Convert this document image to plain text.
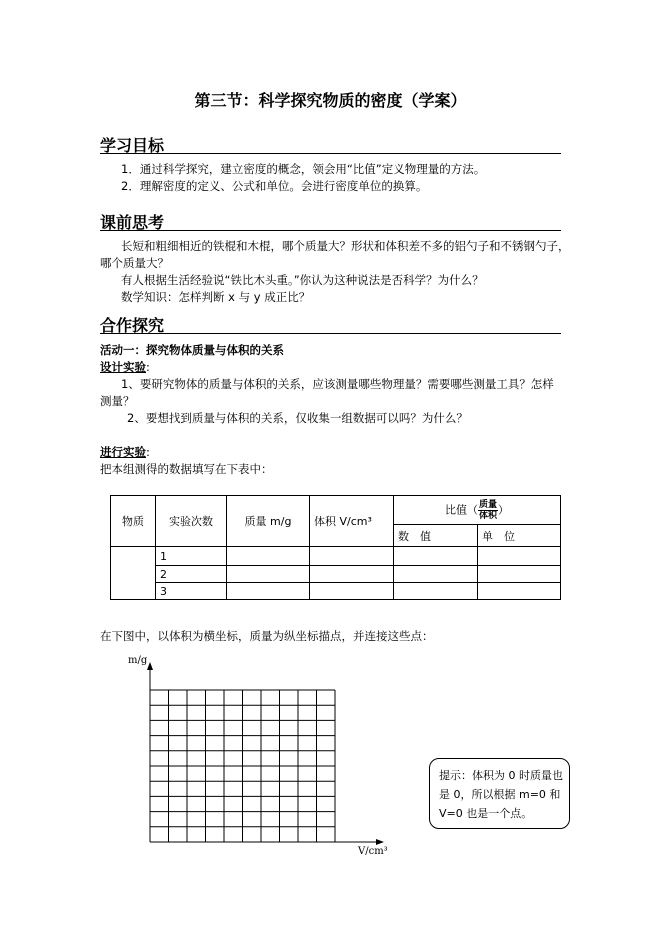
第三节：科学探究物质的密度（学案）
学习目标
1．通过科学探究，建立密度的概念，领会用“比值”定义物理量的方法。
2．理解密度的定义、公式和单位。会进行密度单位的换算。
课前思考
长短和粗细相近的铁棍和木棍，哪个质量大？形状和体积差不多的铝勺子和不锈钢勺子，
哪个质量大？
有人根据生活经验说“铁比木头重。”你认为这种说法是否科学？为什么？
数学知识：怎样判断 x 与 y 成正比？
合作探究
活动一：探究物体质量与体积的关系
设计实验:
1、要研究物体的质量与体积的关系，应该测量哪些物理量？需要哪些测量工具？怎样
测量？
2、要想找到质量与体积的关系，仅收集一组数据可以吗？为什么？
进行实验:
把本组测得的数据填写在下表中：
物质	实验次数	质量 m/g	体积 V/cm³	比值（ $\frac{\text{质量}}{\text{体积}}$ ）	
				数　值	单　位
	1				
	2				
	3				
在下图中，以体积为横坐标，质量为纵坐标描点，并连接这些点：
m/g
V/cm³
提示：体积为 0 时质量也是 0，所以根据 m=0 和 V=0 也是一个点。
